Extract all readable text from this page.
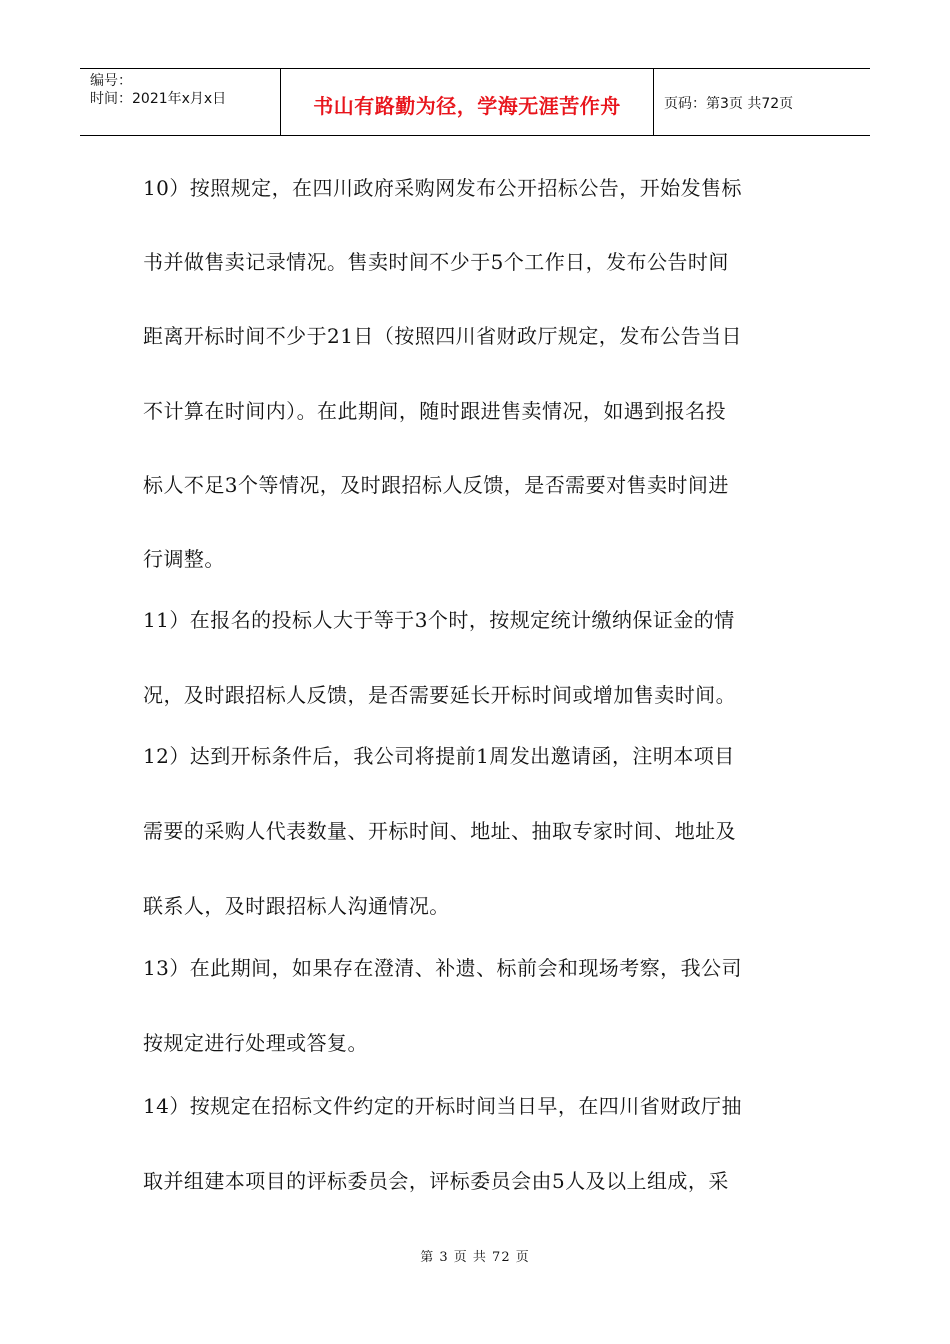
编号：
时间：2021年x月x日	书山有路勤为径，学海无涯苦作舟	页码：第3页 共72页
10）按照规定，在四川政府采购网发布公开招标公告，开始发售标
书并做售卖记录情况。售卖时间不少于5个工作日，发布公告时间
距离开标时间不少于21日（按照四川省财政厅规定，发布公告当日
不计算在时间内）。在此期间，随时跟进售卖情况，如遇到报名投
标人不足3个等情况，及时跟招标人反馈，是否需要对售卖时间进
行调整。
11）在报名的投标人大于等于3个时，按规定统计缴纳保证金的情
况，及时跟招标人反馈，是否需要延长开标时间或增加售卖时间。
12）达到开标条件后，我公司将提前1周发出邀请函，注明本项目
需要的采购人代表数量、开标时间、地址、抽取专家时间、地址及
联系人，及时跟招标人沟通情况。
13）在此期间，如果存在澄清、补遗、标前会和现场考察，我公司
按规定进行处理或答复。
14）按规定在招标文件约定的开标时间当日早，在四川省财政厅抽
取并组建本项目的评标委员会，评标委员会由5人及以上组成，采
第 3 页 共 72 页
